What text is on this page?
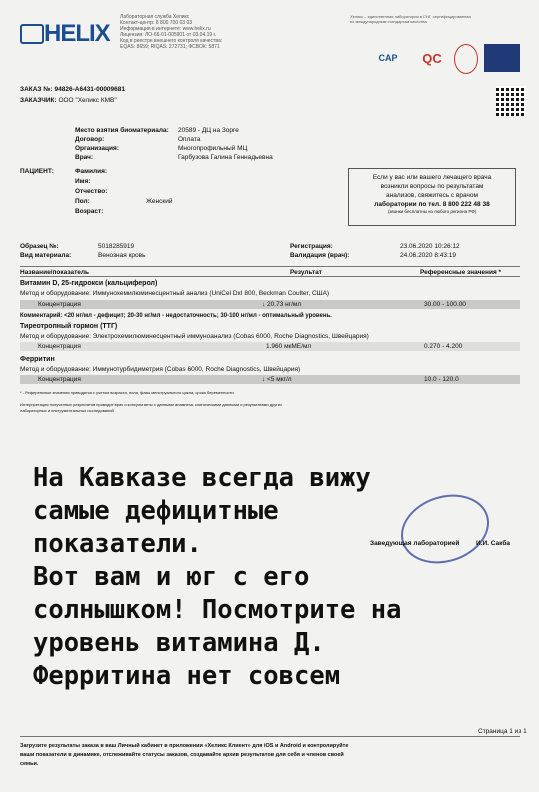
HELIX
Лабораторная служба Хеликс
Контакт-центр: 8 800 700 03 03
Информация в интернете: www.helix.ru
Лицензия: ЛО-66-01-005901 от 03.04.19 г.
Код в реестре внешнего контроля качества:
ЕQAS: 8659; RIQAS: 272731; ФСВОК: 5871
Хеликс – единственная лаборатория в СНГ, сертифицированная
по международным стандартам качества
CAP	QC
ЗАКАЗ №: 94826-A6431-00009681
ЗАКАЗЧИК: ООО "Хеликс КМВ"
Место взятия биоматериала: 20589 - ДЦ на Зорге
Договор:	Оплата
Организация:	Многопрофильный МЦ
Врач:	Гарбузова Галина Геннадьевна
ПАЦИЕНТ:	Фамилия:
Имя:
Отчество:
Пол:	Женский
Возраст:
Если у вас или вашего лечащего врача
возникли вопросы по результатам
анализов, свяжитесь с врачом
лаборатории по тел. 8 800 222 48 38
(звонки бесплатны из любого региона РФ)
Образец №:	5018285919
Вид материала:	Венозная кровь
Регистрация:	23.06.2020 10:26:12
Валидация (врач):	24.06.2020 8:43:19
Название/показатель	Результат	Референсные значения *
Витамин D, 25-гидрокси (кальциферол)
Метод и оборудование: Иммунохемилюминесцентный анализ (UniCel DxI 800, Beckman Coulter, США)
Концентрация	↓ 20.73 нг/мл	30.00 - 100.00
Комментарий: <20 нг/мл - дефицит; 20-30 нг/мл - недостаточность; 30-100 нг/мл - оптимальный уровень.
Тиреотропный гормон (ТТГ)
Метод и оборудование: Электрохемилюминесцентный иммуноанализ (Cobas 6000, Roche Diagnostics, Швейцария)
Концентрация	1.960 мкМЕ/мл	0.270 - 4.200
Ферритин
Метод и оборудование: Иммунотурбидиметрия (Cobas 6000, Roche Diagnostics, Швейцария)
Концентрация	↓ <5 мкг/л	10.0 - 120.0
* - Референсные значения приводятся с учетом возраста, пола, фазы менструального цикла, срока беременности
Интерпретация полученных результатов проводит врач и консультанты с данными анамнеза, клиническими данными и результатами других
лабораторных и инструментальных исследований
Заведующая лабораторией	И.И. Сакба
На Кавказе всегда вижу
самые дефицитные
показатели.
Вот вам и юг с его
солнышком! Посмотрите на
уровень витамина Д.
Ферритина нет совсем
Страница 1 из 1
Загрузите результаты заказа в ваш Личный кабинет в приложении «Хеликс Клиент» для iOS и Android и контролируйте
ваши показатели в динамике, отслеживайте статусы заказов, создавайте архив результатов для себя и членов своей
семьи.
